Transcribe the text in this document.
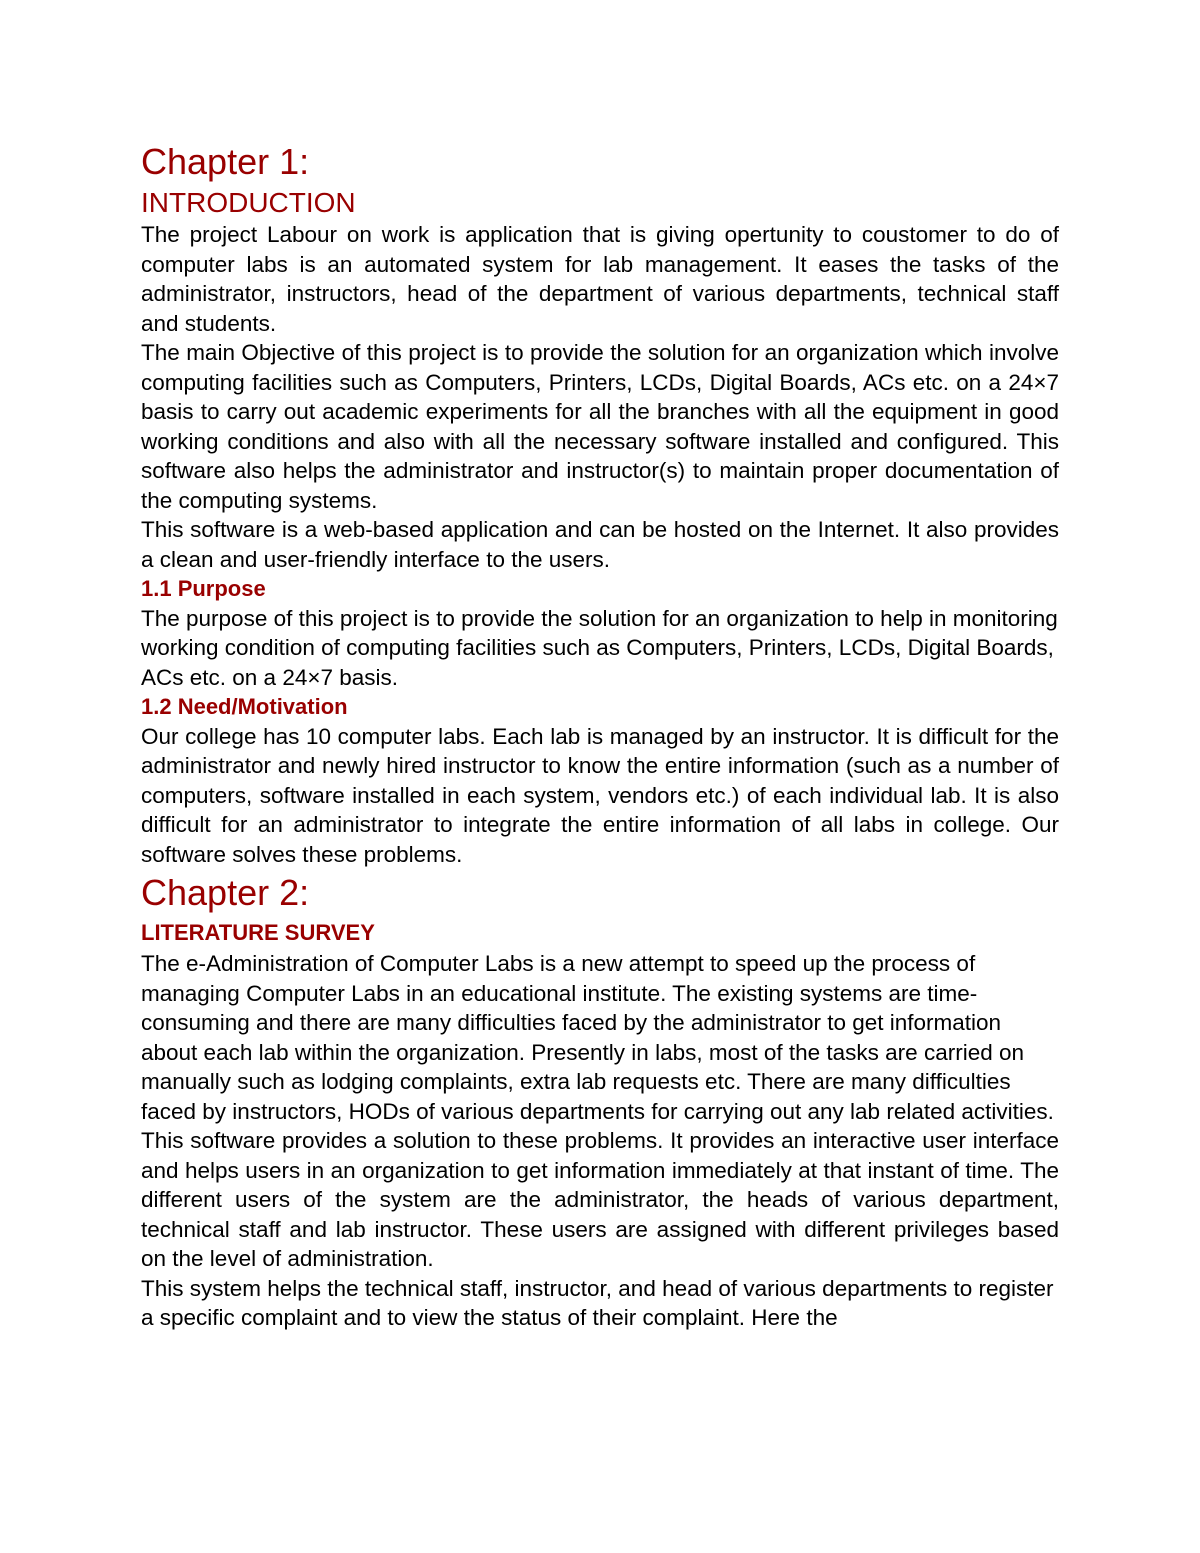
Chapter 1:
INTRODUCTION

The project Labour on work is application that is giving opertunity to coustomer to do of computer labs is an automated system for lab management. It eases the tasks of the administrator, instructors, head of the department of various departments, technical staff and students.

The main Objective of this project is to provide the solution for an organization which involve computing facilities such as Computers, Printers, LCDs, Digital Boards, ACs etc. on a 24×7 basis to carry out academic experiments for all the branches with all the equipment in good working conditions and also with all the necessary software installed and configured. This software also helps the administrator and instructor(s) to maintain proper documentation of the computing systems.

This software is a web-based application and can be hosted on the Internet. It also provides a clean and user-friendly interface to the users.

1.1 Purpose

The purpose of this project is to provide the solution for an organization to help in monitoring working condition of computing facilities such as Computers, Printers, LCDs, Digital Boards, ACs etc. on a 24×7 basis.

1.2 Need/Motivation

Our college has 10 computer labs. Each lab is managed by an instructor. It is difficult for the administrator and newly hired instructor to know the entire information (such as a number of computers, software installed in each system, vendors etc.) of each individual lab. It is also difficult for an administrator to integrate the entire information of all labs in college. Our software solves these problems.

Chapter 2:
LITERATURE SURVEY

The e-Administration of Computer Labs is a new attempt to speed up the process of managing Computer Labs in an educational institute. The existing systems are time-consuming and there are many difficulties faced by the administrator to get information about each lab within the organization. Presently in labs, most of the tasks are carried on manually such as lodging complaints, extra lab requests etc. There are many difficulties faced by instructors, HODs of various departments for carrying out any lab related activities.

This software provides a solution to these problems. It provides an interactive user interface and helps users in an organization to get information immediately at that instant of time. The different users of the system are the administrator, the heads of various department, technical staff and lab instructor. These users are assigned with different privileges based on the level of administration.

This system helps the technical staff, instructor, and head of various departments to register a specific complaint and to view the status of their complaint. Here the
